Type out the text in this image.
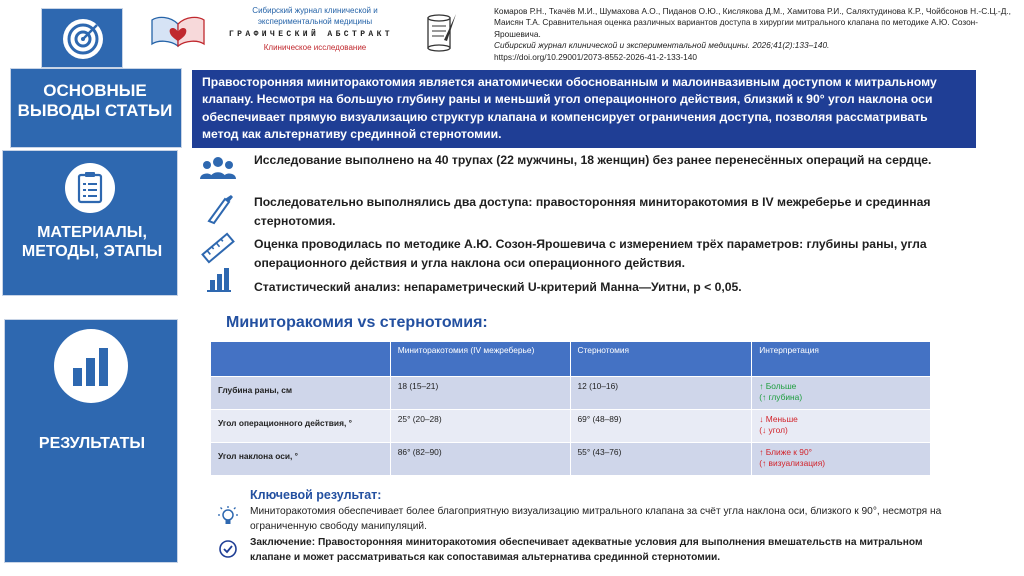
Сибирский журнал клинической и экспериментальной медицины
ГРАФИЧЕСКИЙ АБСТРАКТ
Клиническое исследование
Комаров Р.Н., Ткачёв М.И., Шумахова А.О., Пиданов О.Ю., Кислякова Д.М., Хамитова Р.И., Саляхтудинова К.Р., Чойбсонов Н.-С.Ц.-Д., Маисян Т.А. Сравнительная оценка различных вариантов доступа в хирургии митрального клапана по методике А.Ю. Созон-Ярошевича.
Сибирский журнал клинической и экспериментальной медицины. 2026;41(2):133–140.
https://doi.org/10.29001/2073-8552-2026-41-2-133-140
ОСНОВНЫЕ ВЫВОДЫ СТАТЬИ
Правосторонняя миниторакотомия является анатомически обоснованным и малоинвазивным доступом к митральному клапану. Несмотря на большую глубину раны и меньший угол операционного действия, близкий к 90° угол наклона оси обеспечивает прямую визуализацию структур клапана и компенсирует ограничения доступа, позволяя рассматривать метод как альтернативу срединной стернотомии.
МАТЕРИАЛЫ, МЕТОДЫ, ЭТАПЫ
Исследование выполнено на 40 трупах (22 мужчины, 18 женщин) без ранее перенесённых операций на сердце.
Последовательно выполнялись два доступа: правосторонняя миниторакотомия в IV межреберье и срединная стернотомия.
Оценка проводилась по методике А.Ю. Созон-Ярошевича с измерением трёх параметров: глубины раны, угла операционного действия и угла наклона оси операционного действия.
Статистический анализ: непараметрический U-критерий Манна—Уитни, p < 0,05.
РЕЗУЛЬТАТЫ
Миниторакомия vs стернотомия:
	Миниторакотомия (IV межреберье)	Стернотомия	Интерпретация
Глубина раны, см	18 (15–21)	12 (10–16)	↑ Больше
(↑ глубина)

Угол операционного действия, °	25° (20–28)	69° (48–89)	↓ Меньше
(↓ угол)

Угол наклона оси, °	86° (82–90)	55° (43–76)	↑ Ближе к 90°
(↑ визуализация)
Ключевой результат:
Миниторакотомия обеспечивает более благоприятную визуализацию митрального клапана за счёт угла наклона оси, близкого к 90°, несмотря на ограниченную свободу манипуляций.
Заключение: Правосторонняя миниторакотомия обеспечивает адекватные условия для выполнения вмешательств на митральном клапане и может рассматриваться как сопоставимая альтернатива срединной стернотомии.
